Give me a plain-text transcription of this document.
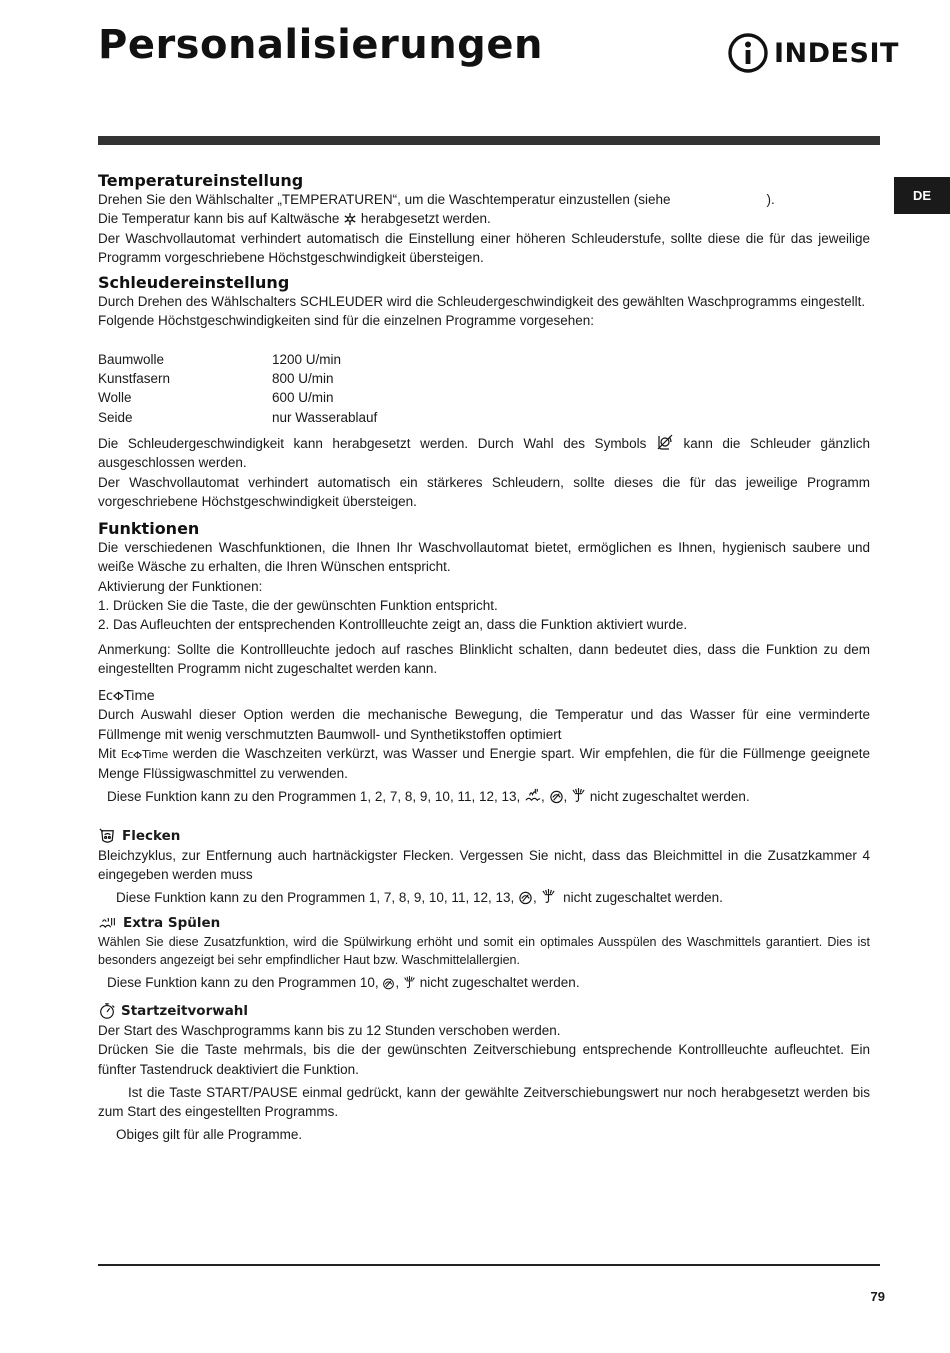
Personalisierungen	INDESIT
DE
Temperatureinstellung

Drehen Sie den Wählschalter „TEMPERATUREN“, um die Waschtemperatur einzustellen (siehe	).

Die Temperatur kann bis auf Kaltwäsche herabgesetzt werden.

Der Waschvollautomat verhindert automatisch die Einstellung einer höheren Schleuderstufe, sollte diese die für das jeweilige Programm vorgeschriebene Höchstgeschwindigkeit übersteigen.

Schleudereinstellung

Durch Drehen des Wählschalters SCHLEUDER wird die Schleudergeschwindigkeit des gewählten Waschprogramms eingestellt.

Folgende Höchstgeschwindigkeiten sind für die einzelnen Programme vorgesehen:

Baumwolle	1200 U/min
Kunstfasern	800 U/min
Wolle	600 U/min
Seide	nur Wasserablauf

Die Schleudergeschwindigkeit kann herabgesetzt werden. Durch Wahl des Symbols	kann die Schleuder gänzlich ausgeschlossen werden.

Der Waschvollautomat verhindert automatisch ein stärkeres Schleudern, sollte dieses die für das jeweilige Programm vorgeschriebene Höchstgeschwindigkeit übersteigen.

Funktionen

Die verschiedenen Waschfunktionen, die Ihnen Ihr Waschvollautomat bietet, ermöglichen es Ihnen, hygienisch saubere und weiße Wäsche zu erhalten, die Ihren Wünschen entspricht.

Aktivierung der Funktionen:

1. Drücken Sie die Taste, die der gewünschten Funktion entspricht.

2. Das Aufleuchten der entsprechenden Kontrollleuchte zeigt an, dass die Funktion aktiviert wurde.

Anmerkung: Sollte die Kontrollleuchte jedoch auf rasches Blinklicht schalten, dann bedeutet dies, dass die Funktion zu dem eingestellten Programm nicht zugeschaltet werden kann.

Ec Time

Durch Auswahl dieser Option werden die mechanische Bewegung, die Temperatur und das Wasser für eine verminderte Füllmenge mit wenig verschmutzten Baumwoll- und Synthetikstoffen optimiert

Mit Ec Time werden die Waschzeiten verkürzt, was Wasser und Energie spart. Wir empfehlen, die für die Füllmenge geeignete Menge Flüssigwaschmittel zu verwenden.

Diese Funktion kann zu den Programmen 1, 2, 7, 8, 9, 10, 11, 12, 13, , , nicht zugeschaltet werden.

Flecken

Bleichzyklus, zur Entfernung auch hartnäckigster Flecken. Vergessen Sie nicht, dass das Bleichmittel in die Zusatzkammer 4 eingegeben werden muss

Diese Funktion kann zu den Programmen 1, 7, 8, 9, 10, 11, 12, 13, , nicht zugeschaltet werden.

Extra Spülen

Wählen Sie diese Zusatzfunktion, wird die Spülwirkung erhöht und somit ein optimales Ausspülen des Waschmittels garantiert. Dies ist besonders angezeigt bei sehr empfindlicher Haut bzw. Waschmittelallergien.

Diese Funktion kann zu den Programmen 10, , nicht zugeschaltet werden.

Startzeitvorwahl

Der Start des Waschprogramms kann bis zu 12 Stunden verschoben werden.

Drücken Sie die Taste mehrmals, bis die der gewünschten Zeitverschiebung entsprechende Kontrollleuchte aufleuchtet. Ein fünfter Tastendruck deaktiviert die Funktion.

Ist die Taste START/PAUSE einmal gedrückt, kann der gewählte Zeitverschiebungswert nur noch herabgesetzt werden bis zum Start des eingestellten Programms.

Obiges gilt für alle Programme.

79
